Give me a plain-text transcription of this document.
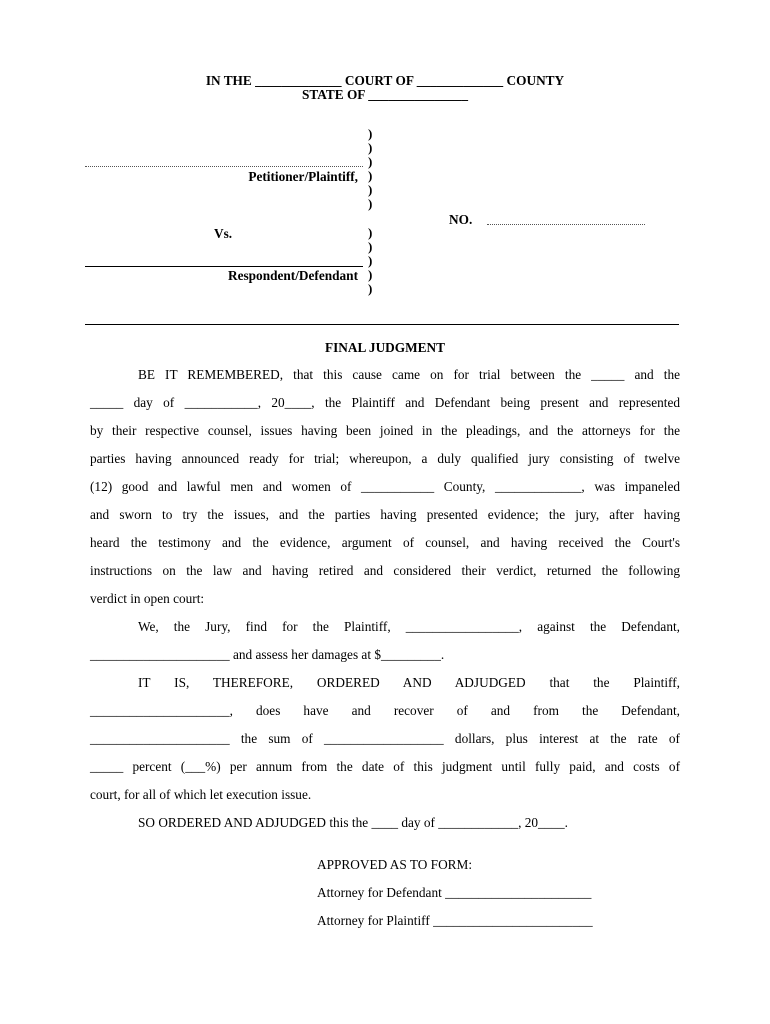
IN THE _____________ COURT OF _____________ COUNTY
STATE OF _______________
)
)
)
)
)
)
)
)
)
)
)
Petitioner/Plaintiff,
Vs.
Respondent/Defendant
NO.
FINAL JUDGMENT
BE IT REMEMBERED, that this cause came on for trial between the _____ and the
_____ day of ___________, 20____, the Plaintiff and Defendant being present and represented
by their respective counsel, issues having been joined in the pleadings, and the attorneys for the
parties having announced ready for trial; whereupon, a duly qualified jury consisting of twelve
(12) good and lawful men and women of ___________ County, _____________, was impaneled
and sworn to try the issues, and the parties having presented evidence; the jury, after having
heard the testimony and the evidence, argument of counsel, and having received the Court's
instructions on the law and having retired and considered their verdict, returned the following
verdict in open court:
We, the Jury, find for the Plaintiff, _________________, against the Defendant,
_____________________ and assess her damages at $_________.
IT IS, THEREFORE, ORDERED AND ADJUDGED that the Plaintiff,
_____________________, does have and recover of and from the Defendant,
_____________________ the sum of __________________ dollars, plus interest at the rate of
_____ percent (___%) per annum from the date of this judgment until fully paid, and costs of
court, for all of which let execution issue.
SO ORDERED AND ADJUDGED this the ____ day of ____________, 20____.
APPROVED AS TO FORM:
Attorney for Defendant ______________________
Attorney for Plaintiff ________________________
